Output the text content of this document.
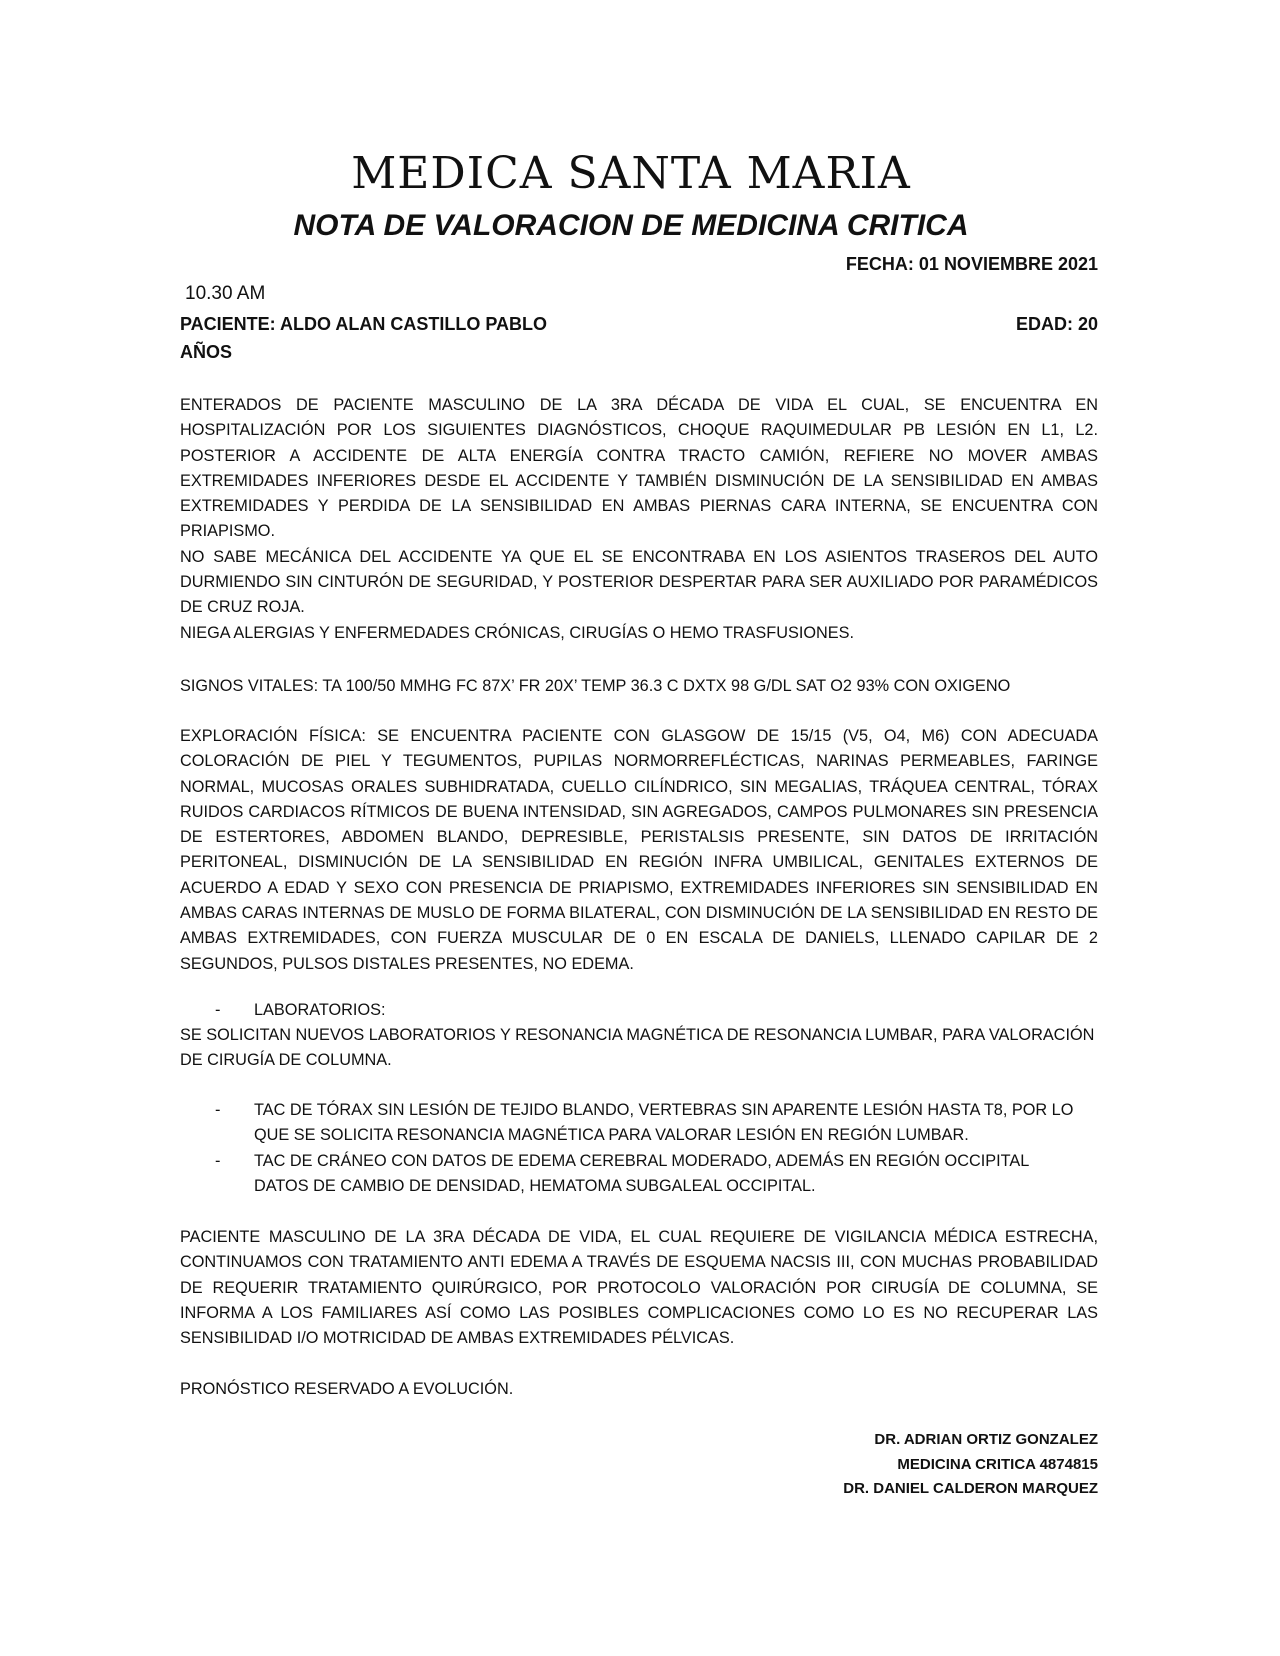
MEDICA SANTA MARIA
NOTA DE VALORACION DE MEDICINA CRITICA
FECHA: 01 NOVIEMBRE 2021
10.30 AM
PACIENTE: ALDO ALAN CASTILLO PABLO	EDAD: 20
AÑOS

ENTERADOS DE PACIENTE MASCULINO DE LA 3RA DÉCADA DE VIDA EL CUAL, SE ENCUENTRA EN HOSPITALIZACIÓN POR LOS SIGUIENTES DIAGNÓSTICOS, CHOQUE RAQUIMEDULAR PB LESIÓN EN L1, L2. POSTERIOR A ACCIDENTE DE ALTA ENERGÍA CONTRA TRACTO CAMIÓN, REFIERE NO MOVER AMBAS EXTREMIDADES INFERIORES DESDE EL ACCIDENTE Y TAMBIÉN DISMINUCIÓN DE LA SENSIBILIDAD EN AMBAS EXTREMIDADES Y PERDIDA DE LA SENSIBILIDAD EN AMBAS PIERNAS CARA INTERNA, SE ENCUENTRA CON PRIAPISMO.

NO SABE MECÁNICA DEL ACCIDENTE YA QUE EL SE ENCONTRABA EN LOS ASIENTOS TRASEROS DEL AUTO DURMIENDO SIN CINTURÓN DE SEGURIDAD, Y POSTERIOR DESPERTAR PARA SER AUXILIADO POR PARAMÉDICOS DE CRUZ ROJA.

NIEGA ALERGIAS Y ENFERMEDADES CRÓNICAS, CIRUGÍAS O HEMO TRASFUSIONES.

SIGNOS VITALES: TA 100/50 MMHG FC 87X’ FR 20X’ TEMP 36.3 C DXTX 98 G/DL SAT O2 93% CON OXIGENO
EXPLORACIÓN FÍSICA: SE ENCUENTRA PACIENTE CON GLASGOW DE 15/15 (V5, O4, M6) CON ADECUADA COLORACIÓN DE PIEL Y TEGUMENTOS, PUPILAS NORMORREFLÉCTICAS, NARINAS PERMEABLES, FARINGE NORMAL, MUCOSAS ORALES SUBHIDRATADA, CUELLO CILÍNDRICO, SIN MEGALIAS, TRÁQUEA CENTRAL, TÓRAX RUIDOS CARDIACOS RÍTMICOS DE BUENA INTENSIDAD, SIN AGREGADOS, CAMPOS PULMONARES SIN PRESENCIA DE ESTERTORES, ABDOMEN BLANDO, DEPRESIBLE, PERISTALSIS PRESENTE, SIN DATOS DE IRRITACIÓN PERITONEAL, DISMINUCIÓN DE LA SENSIBILIDAD EN REGIÓN INFRA UMBILICAL, GENITALES EXTERNOS DE ACUERDO A EDAD Y SEXO CON PRESENCIA DE PRIAPISMO, EXTREMIDADES INFERIORES SIN SENSIBILIDAD EN AMBAS CARAS INTERNAS DE MUSLO DE FORMA BILATERAL, CON DISMINUCIÓN DE LA SENSIBILIDAD EN RESTO DE AMBAS EXTREMIDADES, CON FUERZA MUSCULAR DE 0 EN ESCALA DE DANIELS, LLENADO CAPILAR DE 2 SEGUNDOS, PULSOS DISTALES PRESENTES, NO EDEMA.
- LABORATORIOS:
SE SOLICITAN NUEVOS LABORATORIOS Y RESONANCIA MAGNÉTICA DE RESONANCIA LUMBAR, PARA VALORACIÓN DE CIRUGÍA DE COLUMNA.
- TAC DE TÓRAX SIN LESIÓN DE TEJIDO BLANDO, VERTEBRAS SIN APARENTE LESIÓN HASTA T8, POR LO QUE SE SOLICITA RESONANCIA MAGNÉTICA PARA VALORAR LESIÓN EN REGIÓN LUMBAR.
- TAC DE CRÁNEO CON DATOS DE EDEMA CEREBRAL MODERADO, ADEMÁS EN REGIÓN OCCIPITAL DATOS DE CAMBIO DE DENSIDAD, HEMATOMA SUBGALEAL OCCIPITAL.
PACIENTE MASCULINO DE LA 3RA DÉCADA DE VIDA, EL CUAL REQUIERE DE VIGILANCIA MÉDICA ESTRECHA, CONTINUAMOS CON TRATAMIENTO ANTI EDEMA A TRAVÉS DE ESQUEMA NACSIS III, CON MUCHAS PROBABILIDAD DE REQUERIR TRATAMIENTO QUIRÚRGICO, POR PROTOCOLO VALORACIÓN POR CIRUGÍA DE COLUMNA, SE INFORMA A LOS FAMILIARES ASÍ COMO LAS POSIBLES COMPLICACIONES COMO LO ES NO RECUPERAR LAS SENSIBILIDAD I/O MOTRICIDAD DE AMBAS EXTREMIDADES PÉLVICAS.
PRONÓSTICO RESERVADO A EVOLUCIÓN.
DR. ADRIAN ORTIZ GONZALEZ
MEDICINA CRITICA 4874815
DR. DANIEL CALDERON MARQUEZ
